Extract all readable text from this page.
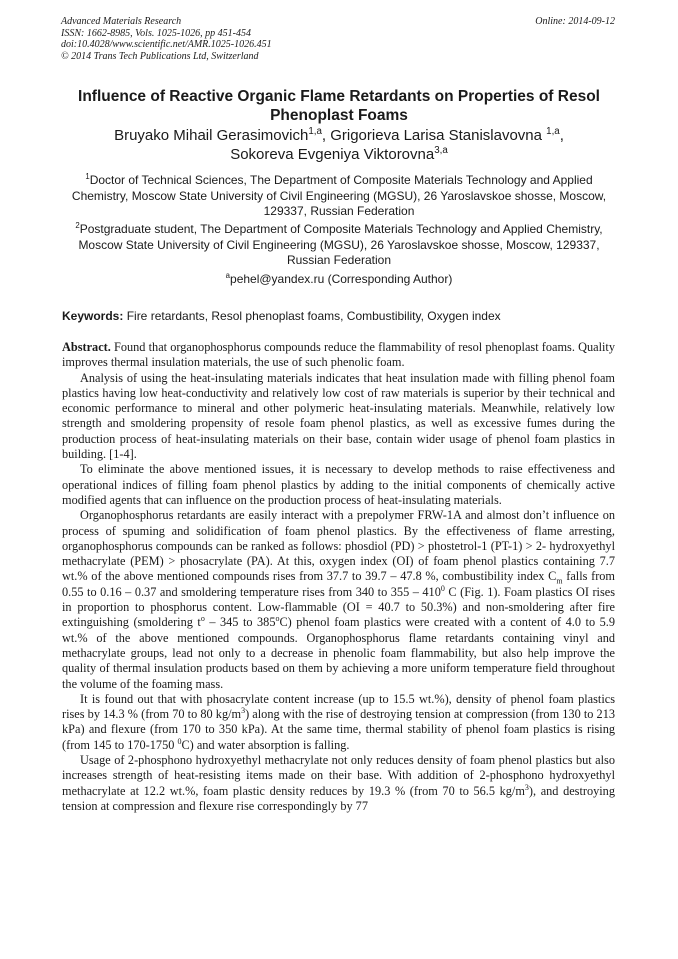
Advanced Materials Research
ISSN: 1662-8985, Vols. 1025-1026, pp 451-454
doi:10.4028/www.scientific.net/AMR.1025-1026.451
© 2014 Trans Tech Publications Ltd, Switzerland
Online: 2014-09-12
Influence of Reactive Organic Flame Retardants on Properties of Resol Phenoplast Foams
Bruyako Mihail Gerasimovich$^{1,a}$, Grigorieva Larisa Stanislavovna $^{1,a}$,
Sokoreva Evgeniya Viktorovna$^{3,a}$
$^1$Doctor of Technical Sciences, The Department of Composite Materials Technology and Applied Chemistry, Moscow State University of Civil Engineering (MGSU), 26 Yaroslavskoe shosse, Moscow, 129337, Russian Federation
$^2$Postgraduate student, The Department of Composite Materials Technology and Applied Chemistry, Moscow State University of Civil Engineering (MGSU), 26 Yaroslavskoe shosse, Moscow, 129337, Russian Federation
$^a$pehel@yandex.ru (Corresponding Author)
Keywords: Fire retardants, Resol phenoplast foams, Combustibility, Oxygen index

Abstract. Found that organophosphorus compounds reduce the flammability of resol phenoplast foams. Quality improves thermal insulation materials, the use of such phenolic foam.

Analysis of using the heat-insulating materials indicates that heat insulation made with filling phenol foam plastics having low heat-conductivity and relatively low cost of raw materials is superior by their technical and economic performance to mineral and other polymeric heat-insulating materials. Meanwhile, relatively low strength and smoldering propensity of resole foam phenol plastics, as well as excessive fumes during the production process of heat-insulating materials on their base, contain wider usage of phenol foam plastics in building. [1-4].

To eliminate the above mentioned issues, it is necessary to develop methods to raise effectiveness and operational indices of filling foam phenol plastics by adding to the initial components of chemically active modified agents that can influence on the production process of heat-insulating materials.

Organophosphorus retardants are easily interact with a prepolymer FRW-1A and almost don’t influence on process of spuming and solidification of foam phenol plastics. By the effectiveness of flame arresting, organophosphorus compounds can be ranked as follows: phosdiol (PD) > phostetrol-1 (PT-1) > 2- hydroxyethyl methacrylate (PEM) > phosacrylate (PA). At this, oxygen index (OI) of foam phenol plastics containing 7.7 wt.% of the above mentioned compounds rises from 37.7 to 39.7 – 47.8 %, combustibility index $C_m$ falls from 0.55 to 0.16 – 0.37 and smoldering temperature rises from 340 to $355 - 410^0$ C (Fig. 1). Foam plastics OI rises in proportion to phosphorus content. Low-flammable (OI = 40.7 to 50.3%) and non-smoldering after fire extinguishing (smoldering $t^o - 345$ to 385$^o$C) phenol foam plastics were created with a content of 4.0 to 5.9 wt.% of the above mentioned compounds. Organophosphorus flame retardants containing vinyl and methacrylate groups, lead not only to a decrease in phenolic foam flammability, but also help improve the quality of thermal insulation products based on them by achieving a more uniform temperature field throughout the volume of the foaming mass.

It is found out that with phosacrylate content increase (up to 15.5 wt.%), density of phenol foam plastics rises by 14.3 % (from 70 to 80 $kg/m^3$) along with the rise of destroying tension at compression (from 130 to 213 kPa) and flexure (from 170 to 350 kPa). At the same time, thermal stability of phenol foam plastics is rising (from 145 to 170-1750 $^0$C) and water absorption is falling.

Usage of 2-phosphono hydroxyethyl methacrylate not only reduces density of foam phenol plastics but also increases strength of heat-resisting items made on their base. With addition of 2-phosphono hydroxyethyl methacrylate at 12.2 wt.%, foam plastic density reduces by 19.3 % (from 70 to 56.5 $kg/m^3$), and destroying tension at compression and flexure rise correspondingly by 77
